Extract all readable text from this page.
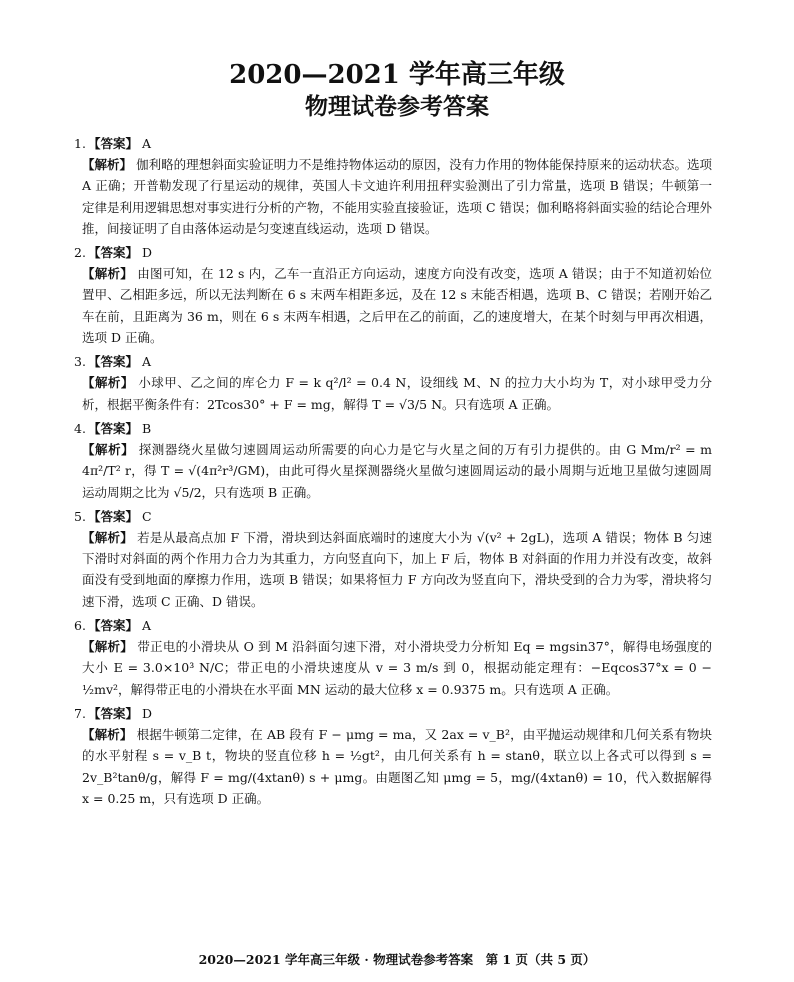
2020—2021 学年高三年级
物理试卷参考答案
1. 【答案】 A

【解析】 伽利略的理想斜面实验证明力不是维持物体运动的原因，没有力作用的物体能保持原来的运动状态。选项 A 正确；开普勒发现了行星运动的规律，英国人卡文迪许利用扭秤实验测出了引力常量，选项 B 错误；牛顿第一定律是利用逻辑思想对事实进行分析的产物，不能用实验直接验证，选项 C 错误；伽利略将斜面实验的结论合理外推，间接证明了自由落体运动是匀变速直线运动，选项 D 错误。

2. 【答案】 D

【解析】 由图可知，在 12 s 内，乙车一直沿正方向运动，速度方向没有改变，选项 A 错误；由于不知道初始位置甲、乙相距多远，所以无法判断在 6 s 末两车相距多远，及在 12 s 末能否相遇，选项 B、C 错误；若刚开始乙车在前，且距离为 36 m，则在 6 s 末两车相遇，之后甲在乙的前面，乙的速度增大，在某个时刻与甲再次相遇，选项 D 正确。

3. 【答案】 A

【解析】 小球甲、乙之间的库仑力 F = k q²/l² = 0.4 N，设细线 M、N 的拉力大小均为 T，对小球甲受力分析，根据平衡条件有：2Tcos30° + F = mg，解得 T = √3/5 N。只有选项 A 正确。

4. 【答案】 B

【解析】 探测器绕火星做匀速圆周运动所需要的向心力是它与火星之间的万有引力提供的。由 G Mm/r² = m 4π²/T² r，得 T = √(4π²r³/GM)，由此可得火星探测器绕火星做匀速圆周运动的最小周期与近地卫星做匀速圆周运动周期之比为 √5/2，只有选项 B 正确。

5. 【答案】 C

【解析】 若是从最高点加 F 下滑，滑块到达斜面底端时的速度大小为 √(v² + 2gL)，选项 A 错误；物体 B 匀速下滑时对斜面的两个作用力合力为其重力，方向竖直向下，加上 F 后，物体 B 对斜面的作用力并没有改变，故斜面没有受到地面的摩擦力作用，选项 B 错误；如果将恒力 F 方向改为竖直向下，滑块受到的合力为零，滑块将匀速下滑，选项 C 正确、D 错误。

6. 【答案】 A

【解析】 带正电的小滑块从 O 到 M 沿斜面匀速下滑，对小滑块受力分析知 Eq = mgsin37°，解得电场强度的大小 E = 3.0×10³ N/C；带正电的小滑块速度从 v = 3 m/s 到 0，根据动能定理有：−Eqcos37°x = 0 − ½mv²，解得带正电的小滑块在水平面 MN 运动的最大位移 x = 0.9375 m。只有选项 A 正确。

7. 【答案】 D

【解析】 根据牛顿第二定律，在 AB 段有 F − μmg = ma，又 2ax = v_B²，由平抛运动规律和几何关系有物块的水平射程 s = v_B t，物块的竖直位移 h = ½gt²，由几何关系有 h = stanθ，联立以上各式可以得到 s = 2v_B²tanθ/g，解得 F = mg/(4xtanθ) s + μmg。由题图乙知 μmg = 5，mg/(4xtanθ) = 10，代入数据解得 x = 0.25 m，只有选项 D 正确。

2020—2021 学年高三年级 · 物理试卷参考答案　第 1 页（共 5 页）
